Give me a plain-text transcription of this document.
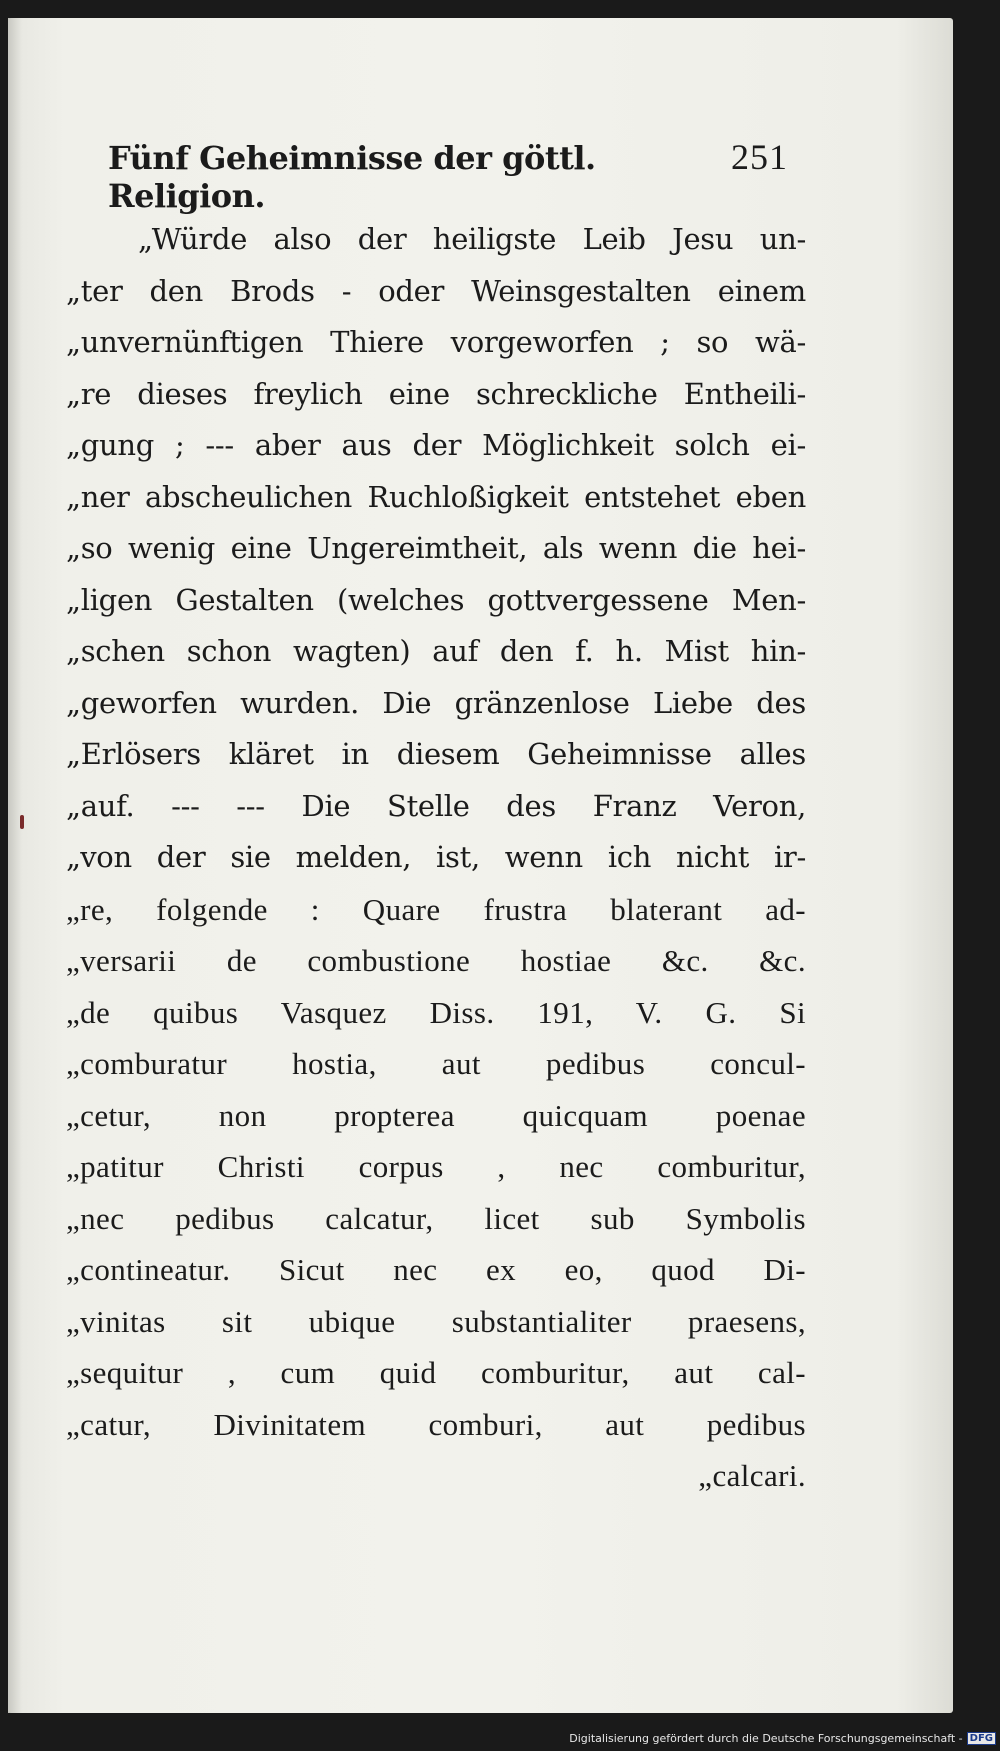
Fünf Geheimnisse der göttl. Religion.
251
„Würde also der heiligste Leib Jesu un-
„ter den Brods - oder Weinsgestalten einem
„unvernünftigen Thiere vorgeworfen ; so wä-
„re dieses freylich eine schreckliche Entheili-
„gung ; --- aber aus der Möglichkeit solch ei-
„ner abscheulichen Ruchloßigkeit entstehet eben
„so wenig eine Ungereimtheit, als wenn die hei-
„ligen Gestalten (welches gottvergessene Men-
„schen schon wagten) auf den f. h. Mist hin-
„geworfen wurden. Die gränzenlose Liebe des
„Erlösers kläret in diesem Geheimnisse alles
„auf. --- --- Die Stelle des Franz Veron,
„von der sie melden, ist, wenn ich nicht ir-
„re, folgende : Quare frustra blaterant ad-
„versarii de combustione hostiae &c. &c.
„de quibus Vasquez Diss. 191, V. G. Si
„comburatur hostia, aut pedibus concul-
„cetur, non propterea quicquam poenae
„patitur Christi corpus , nec comburitur,
„nec pedibus calcatur, licet sub Symbolis
„contineatur. Sicut nec ex eo, quod Di-
„vinitas sit ubique substantialiter praesens,
„sequitur , cum quid comburitur, aut cal-
„catur, Divinitatem comburi, aut pedibus
„calcari.
Digitalisierung gefördert durch die Deutsche Forschungsgemeinschaft - DFG
